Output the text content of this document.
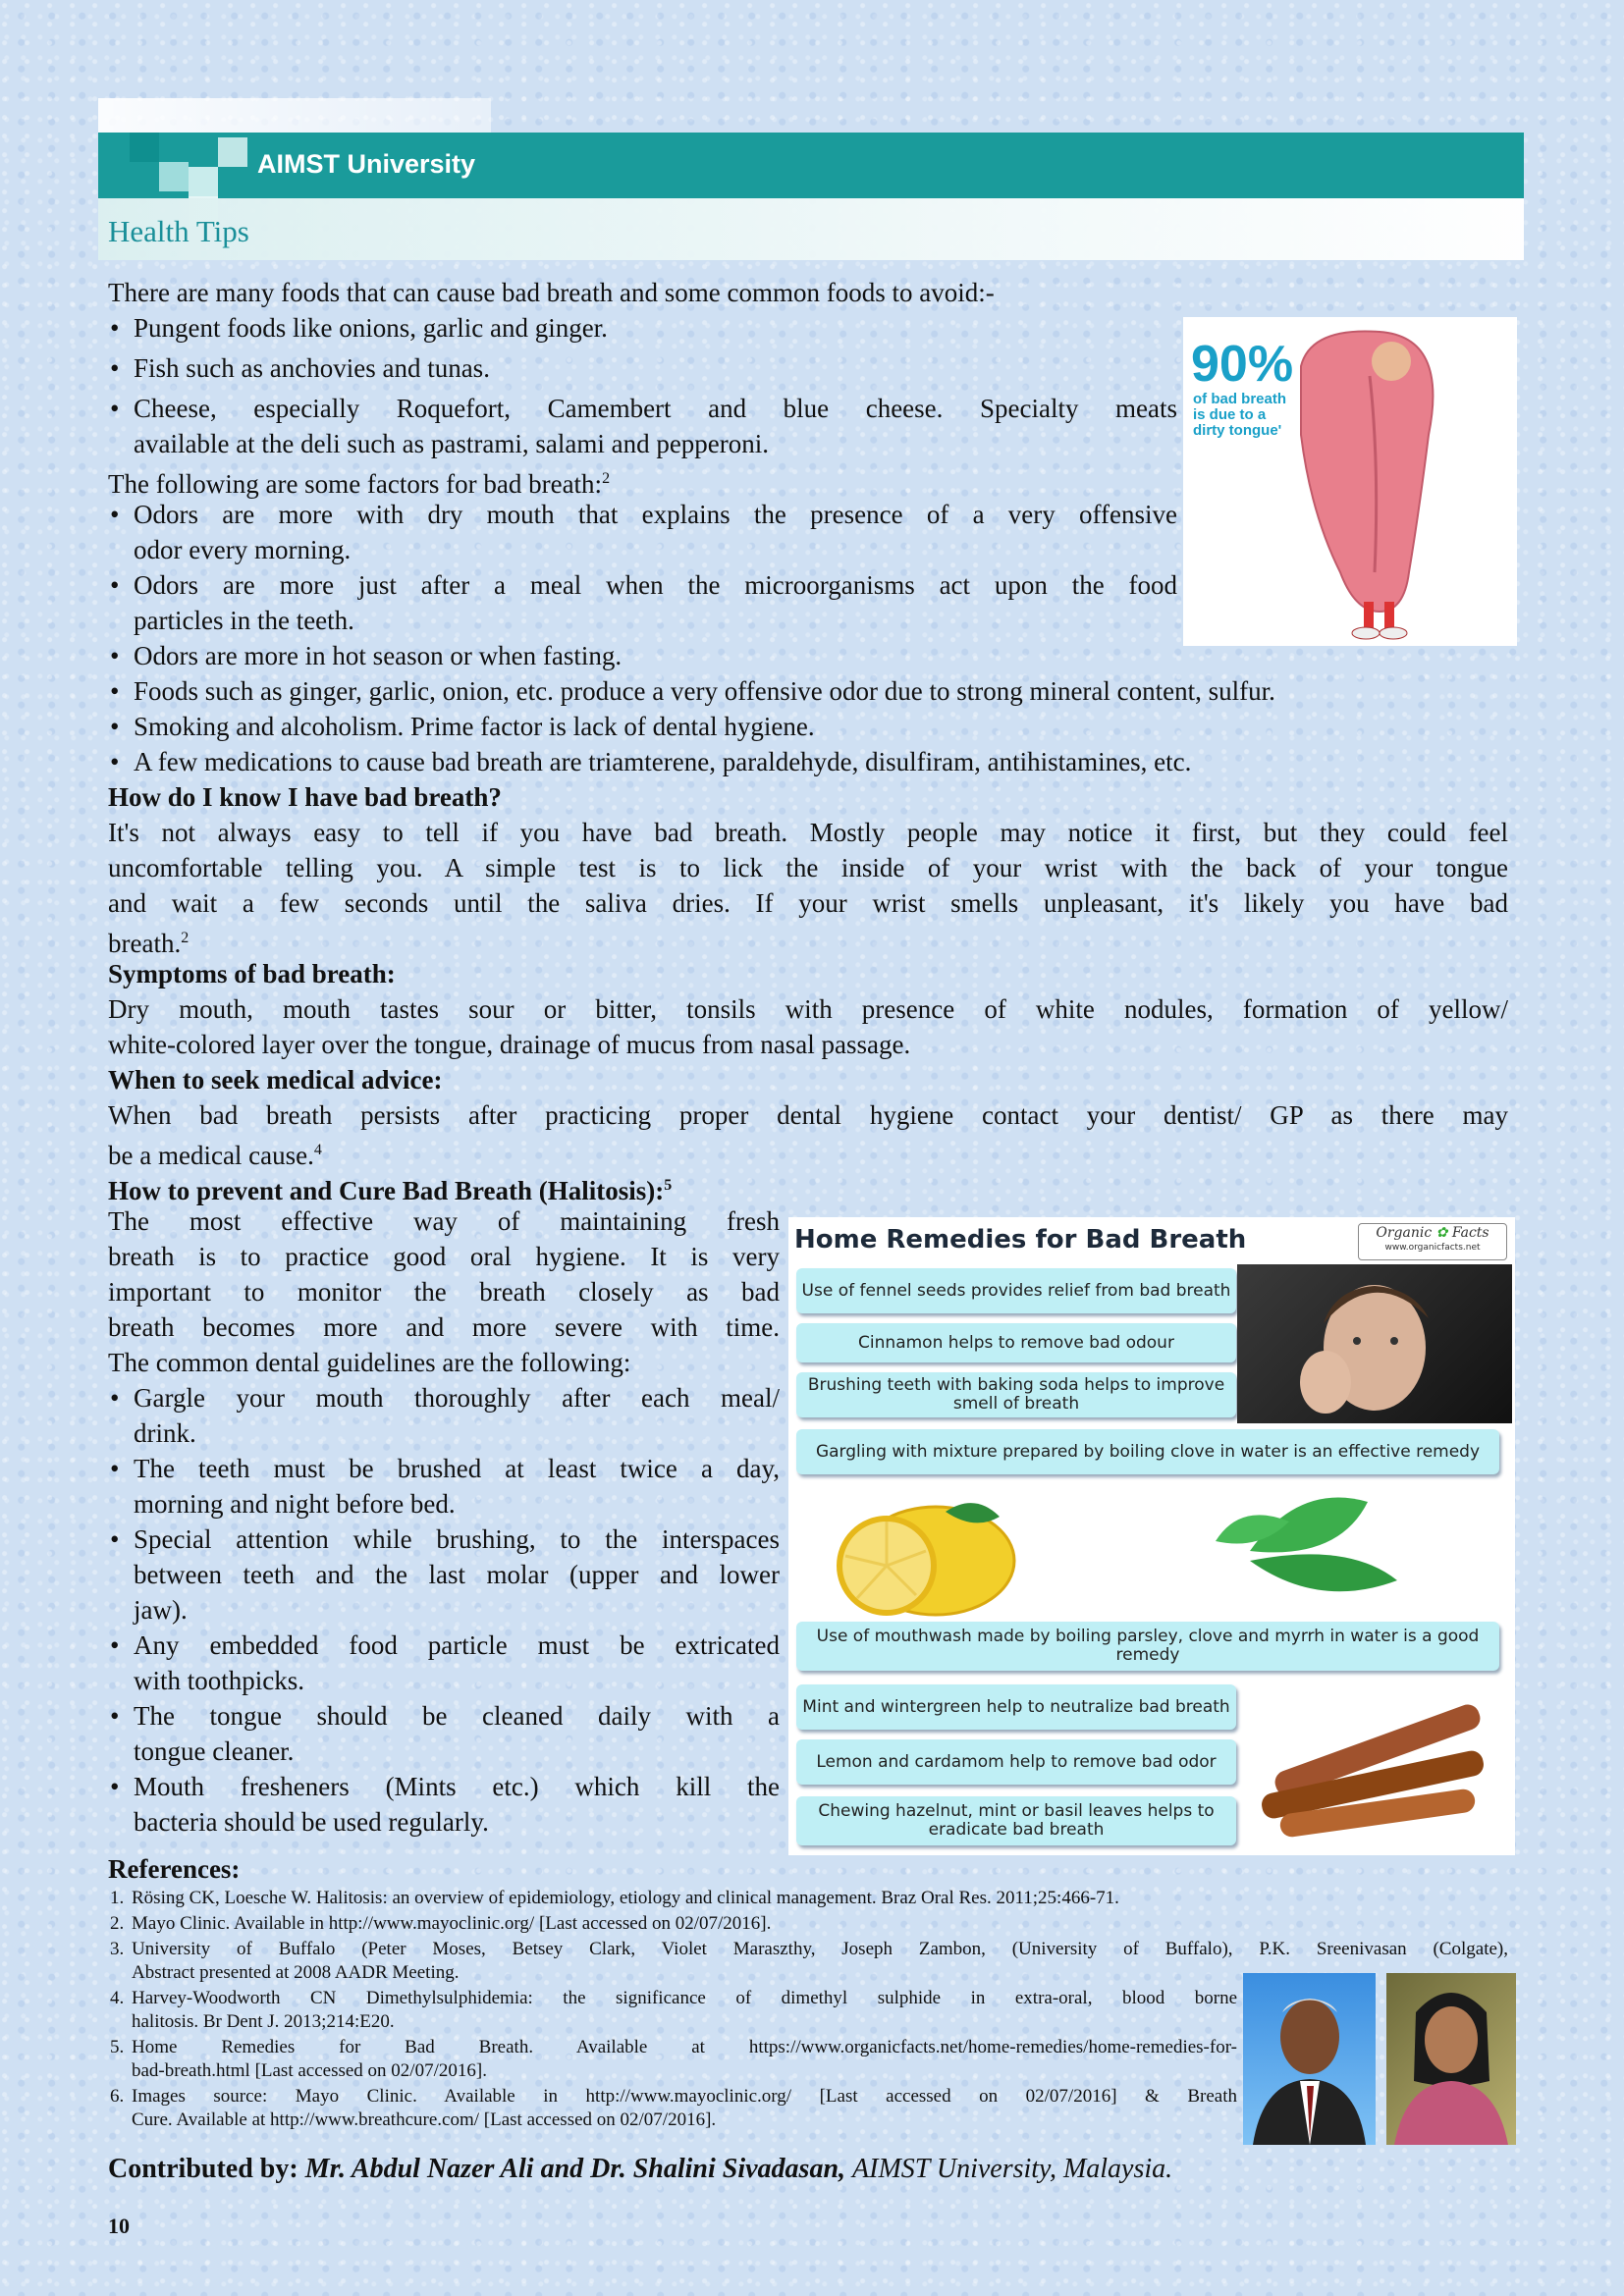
AIMST University
Health Tips
There are many foods that can cause bad breath and some common foods to avoid:-
• Pungent foods like onions, garlic and ginger.
• Fish such as anchovies and tunas.
• Cheese, especially Roquefort, Camembert and blue cheese. Specialty meats
available at the deli such as pastrami, salami and pepperoni.
The following are some factors for bad breath:$^2$
• Odors are more with dry mouth that explains the presence of a very offensive
odor every morning.
• Odors are more just after a meal when the microorganisms act upon the food
particles in the teeth.
• Odors are more in hot season or when fasting.
• Foods such as ginger, garlic, onion, etc. produce a very offensive odor due to strong mineral content, sulfur.
• Smoking and alcoholism. Prime factor is lack of dental hygiene.
• A few medications to cause bad breath are triamterene, paraldehyde, disulfiram, antihistamines, etc.
90%
of bad breath
is due to a
dirty tongue'
How do I know I have bad breath?
It's not always easy to tell if you have bad breath. Mostly people may notice it first, but they could feel
uncomfortable telling you. A simple test is to lick the inside of your wrist with the back of your tongue
and wait a few seconds until the saliva dries. If your wrist smells unpleasant, it's likely you have bad
breath.$^2$
Symptoms of bad breath:
Dry mouth, mouth tastes sour or bitter, tonsils with presence of white nodules, formation of yellow/
white-colored layer over the tongue, drainage of mucus from nasal passage.
When to seek medical advice:
When bad breath persists after practicing proper dental hygiene contact your dentist/ GP as there may
be a medical cause.$^4$
How to prevent and Cure Bad Breath (Halitosis):$^5$
The most effective way of maintaining fresh
breath is to practice good oral hygiene. It is very
important to monitor the breath closely as bad
breath becomes more and more severe with time.
The common dental guidelines are the following:
• Gargle your mouth thoroughly after each meal/
drink.
• The teeth must be brushed at least twice a day,
morning and night before bed.
• Special attention while brushing, to the interspaces
between teeth and the last molar (upper and lower
jaw).
• Any embedded food particle must be extricated
with toothpicks.
• The tongue should be cleaned daily with a
tongue cleaner.
• Mouth fresheners (Mints etc.) which kill the
bacteria should be used regularly.
Home Remedies for Bad Breath	Organic ✿ Facts
www.organicfacts.net
Use of fennel seeds provides relief from bad breath
Cinnamon helps to remove bad odour
Brushing teeth with baking soda helps to improve smell of breath
Gargling with mixture prepared by boiling clove in water is an effective remedy
Use of mouthwash made by boiling parsley, clove and myrrh in water is a good remedy
Mint and wintergreen help to neutralize bad breath
Lemon and cardamom help to remove bad odor
Chewing hazelnut, mint or basil leaves helps to eradicate bad breath
References:
1. Rösing CK, Loesche W. Halitosis: an overview of epidemiology, etiology and clinical management. Braz Oral Res. 2011;25:466-71.
2. Mayo Clinic. Available in http://www.mayoclinic.org/ [Last accessed on 02/07/2016].
3. University of Buffalo (Peter Moses, Betsey Clark, Violet Maraszthy, Joseph Zambon, (University of Buffalo), P.K. Sreenivasan (Colgate),
Abstract presented at 2008 AADR Meeting.
4. Harvey-Woodworth CN Dimethylsulphidemia: the significance of dimethyl sulphide in extra-oral, blood borne
halitosis. Br Dent J. 2013;214:E20.
5. Home Remedies for Bad Breath. Available at https://www.organicfacts.net/home-remedies/home-remedies-for-
bad-breath.html [Last accessed on 02/07/2016].
6. Images source: Mayo Clinic. Available in http://www.mayoclinic.org/ [Last accessed on 02/07/2016] & Breath
Cure. Available at http://www.breathcure.com/ [Last accessed on 02/07/2016].
Contributed by: Mr. Abdul Nazer Ali and Dr. Shalini Sivadasan, AIMST University, Malaysia.
10
